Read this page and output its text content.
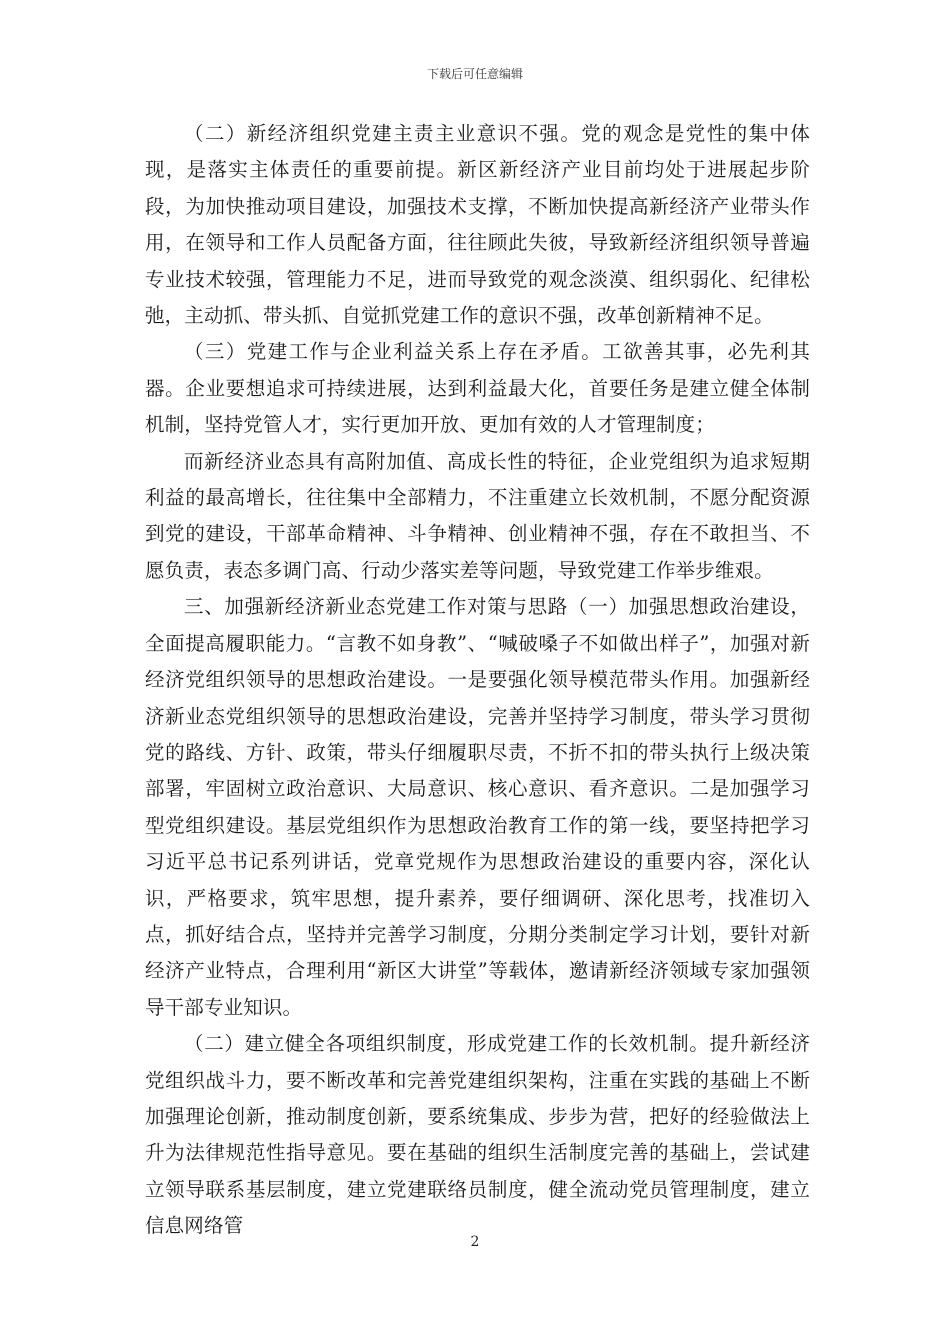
下载后可任意编辑

（二）新经济组织党建主责主业意识不强。党的观念是党性的集中体现，是落实主体责任的重要前提。新区新经济产业目前均处于进展起步阶段，为加快推动项目建设，加强技术支撑，不断加快提高新经济产业带头作用，在领导和工作人员配备方面，往往顾此失彼，导致新经济组织领导普遍专业技术较强，管理能力不足，进而导致党的观念淡漠、组织弱化、纪律松弛，主动抓、带头抓、自觉抓党建工作的意识不强，改革创新精神不足。

（三）党建工作与企业利益关系上存在矛盾。工欲善其事，必先利其器。企业要想追求可持续进展，达到利益最大化，首要任务是建立健全体制机制，坚持党管人才，实行更加开放、更加有效的人才管理制度；

而新经济业态具有高附加值、高成长性的特征，企业党组织为追求短期利益的最高增长，往往集中全部精力，不注重建立长效机制，不愿分配资源到党的建设，干部革命精神、斗争精神、创业精神不强，存在不敢担当、不愿负责，表态多调门高、行动少落实差等问题，导致党建工作举步维艰。

三、加强新经济新业态党建工作对策与思路（一）加强思想政治建设，全面提高履职能力。“言教不如身教”、“喊破嗓子不如做出样子”，加强对新经济党组织领导的思想政治建设。一是要强化领导模范带头作用。加强新经济新业态党组织领导的思想政治建设，完善并坚持学习制度，带头学习贯彻党的路线、方针、政策，带头仔细履职尽责，不折不扣的带头执行上级决策部署，牢固树立政治意识、大局意识、核心意识、看齐意识。二是加强学习型党组织建设。基层党组织作为思想政治教育工作的第一线，要坚持把学习习近平总书记系列讲话，党章党规作为思想政治建设的重要内容，深化认识，严格要求，筑牢思想，提升素养，要仔细调研、深化思考，找准切入点，抓好结合点，坚持并完善学习制度，分期分类制定学习计划，要针对新经济产业特点，合理利用“新区大讲堂”等载体，邀请新经济领域专家加强领导干部专业知识。

（二）建立健全各项组织制度，形成党建工作的长效机制。提升新经济党组织战斗力，要不断改革和完善党建组织架构，注重在实践的基础上不断加强理论创新，推动制度创新，要系统集成、步步为营，把好的经验做法上升为法律规范性指导意见。要在基础的组织生活制度完善的基础上，尝试建立领导联系基层制度，建立党建联络员制度，健全流动党员管理制度，建立信息网络管

2
